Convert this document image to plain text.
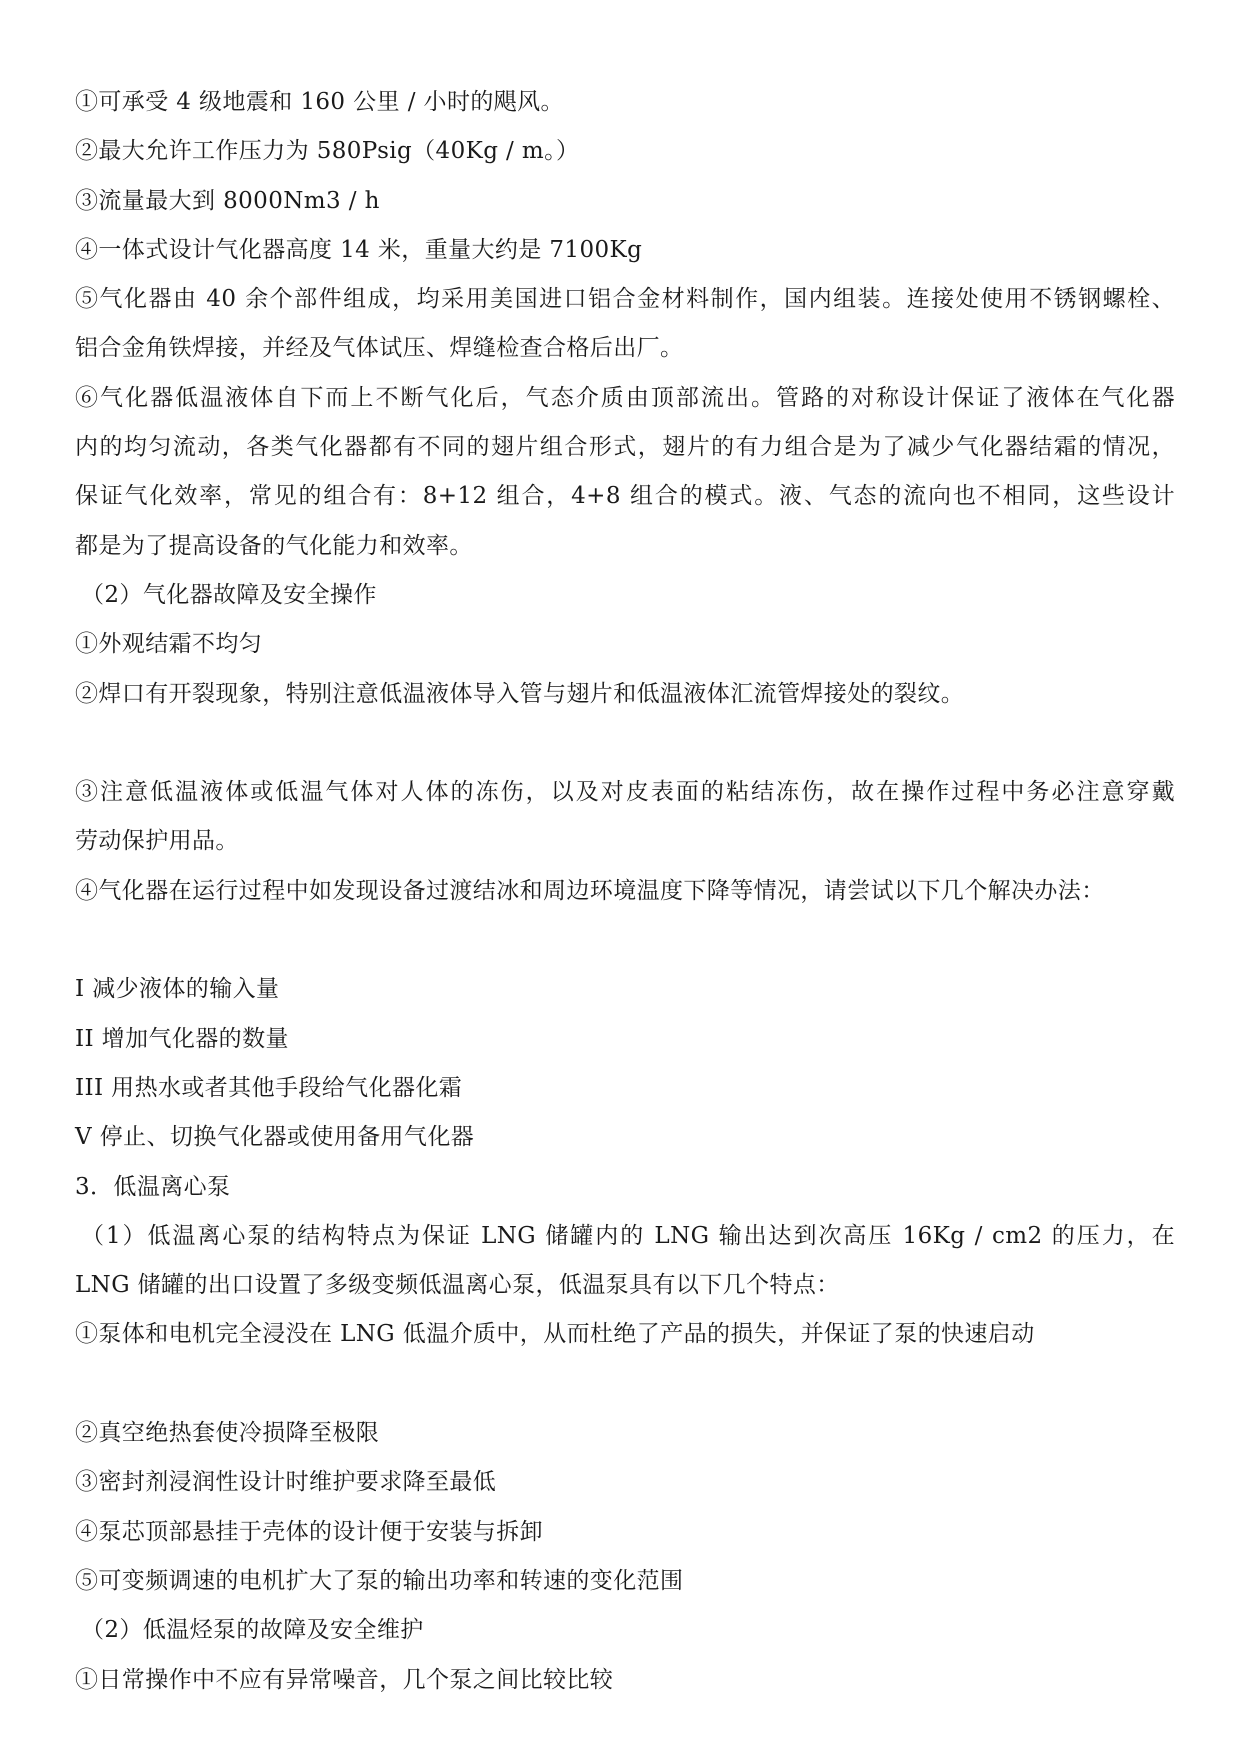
①可承受 4 级地震和 160 公里 / 小时的飓风。
②最大允许工作压力为 580Psig（40Kg / m。）
③流量最大到 8000Nm3 / h
④一体式设计气化器高度 14 米，重量大约是 7100Kg
⑤气化器由 40 余个部件组成，均采用美国进口铝合金材料制作，国内组装。连接处使用不锈钢螺栓、
铝合金角铁焊接，并经及气体试压、焊缝检查合格后出厂。
⑥气化器低温液体自下而上不断气化后，气态介质由顶部流出。管路的对称设计保证了液体在气化器
内的均匀流动，各类气化器都有不同的翅片组合形式，翅片的有力组合是为了减少气化器结霜的情况，
保证气化效率，常见的组合有：8+12 组合，4+8 组合的模式。液、气态的流向也不相同，这些设计
都是为了提高设备的气化能力和效率。
（2）气化器故障及安全操作
①外观结霜不均匀
②焊口有开裂现象，特别注意低温液体导入管与翅片和低温液体汇流管焊接处的裂纹。
③注意低温液体或低温气体对人体的冻伤，以及对皮表面的粘结冻伤，故在操作过程中务必注意穿戴
劳动保护用品。
④气化器在运行过程中如发现设备过渡结冰和周边环境温度下降等情况，请尝试以下几个解决办法：
I 减少液体的输入量
II 增加气化器的数量
III 用热水或者其他手段给气化器化霜
V 停止、切换气化器或使用备用气化器
3．低温离心泵
（1）低温离心泵的结构特点为保证 LNG 储罐内的 LNG 输出达到次高压 16Kg / cm2 的压力，在
LNG 储罐的出口设置了多级变频低温离心泵，低温泵具有以下几个特点：
①泵体和电机完全浸没在 LNG 低温介质中，从而杜绝了产品的损失，并保证了泵的快速启动
②真空绝热套使冷损降至极限
③密封剂浸润性设计时维护要求降至最低
④泵芯顶部悬挂于壳体的设计便于安装与拆卸
⑤可变频调速的电机扩大了泵的输出功率和转速的变化范围
（2）低温烃泵的故障及安全维护
①日常操作中不应有异常噪音，几个泵之间比较比较
